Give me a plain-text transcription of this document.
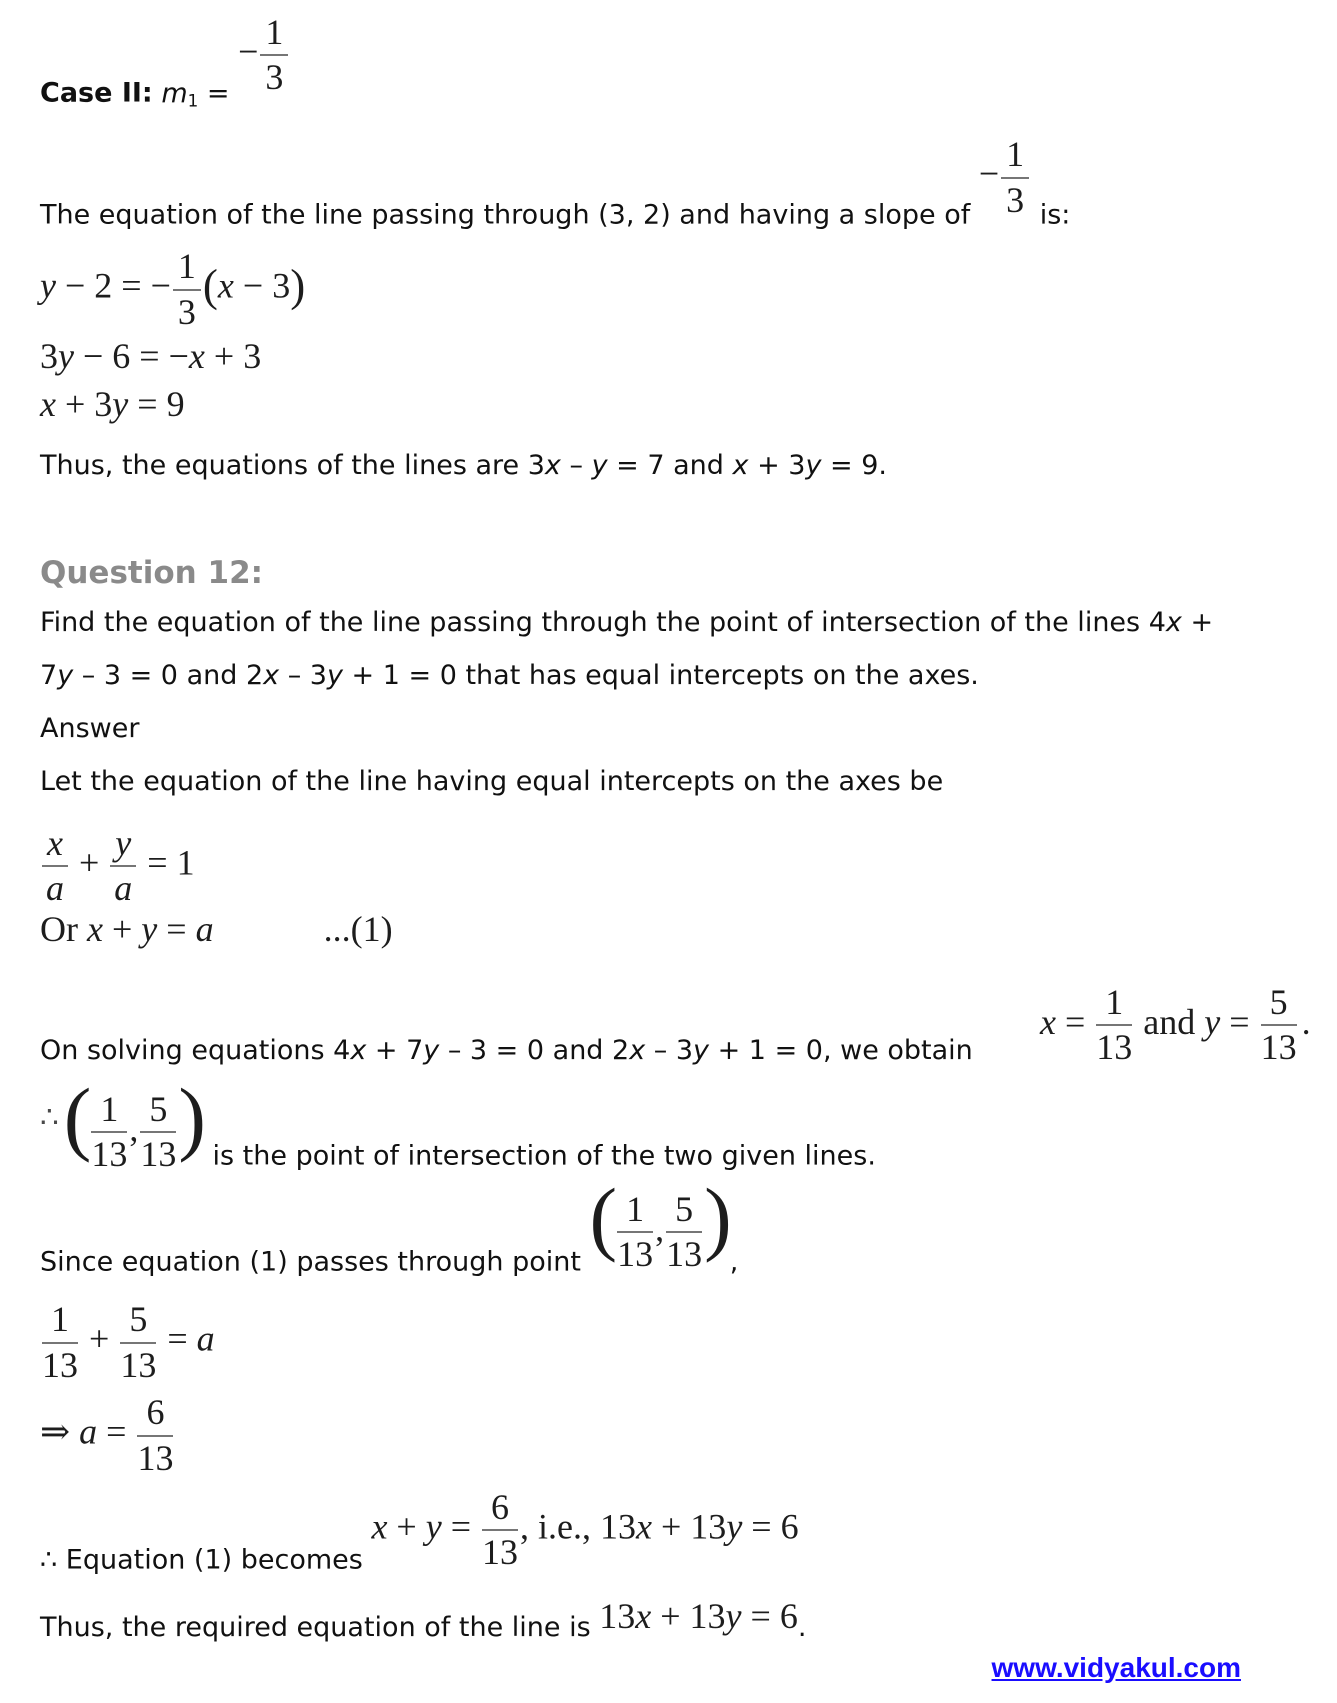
Case II: $m_1$ = − $\frac{1}{3}$

The equation of the line passing through (3, 2) and having a slope of − $\frac{1}{3}$ is:

y − 2 = − $\frac{1}{3} (x - 3)$
3y − 6 = −x + 3
x + 3y = 9

Thus, the equations of the lines are 3x – y = 7 and x + 3y = 9.

Question 12:

Find the equation of the line passing through the point of intersection of the lines 4x +
7y – 3 = 0 and 2x – 3y + 1 = 0 that has equal intercepts on the axes.

Answer

Let the equation of the line having equal intercepts on the axes be

$\frac{x}{a} + \frac{y}{a} = 1$
Or x + y = a	...(1)

On solving equations 4x + 7y – 3 = 0 and 2x – 3y + 1 = 0, we obtain
$x = \frac{1}{13}$ and $y = \frac{5}{13}$ .

$^\therefore( \frac{1}{13}$ , $\frac{5}{13}$ ) is the point of intersection of the two given lines.

Since equation (1) passes through point ( $\frac{1}{13}$ , $\frac{5}{13}$ ),

$\frac{1}{13} + \frac{5}{13} = a$
⇒ $a = \frac{6}{13}$

∴ Equation (1) becomes $x + y = \frac{6}{13}$ , i.e., 13x + 13y = 6

Thus, the required equation of the line is 13x + 13y = 6.

www.vidyakul.com
